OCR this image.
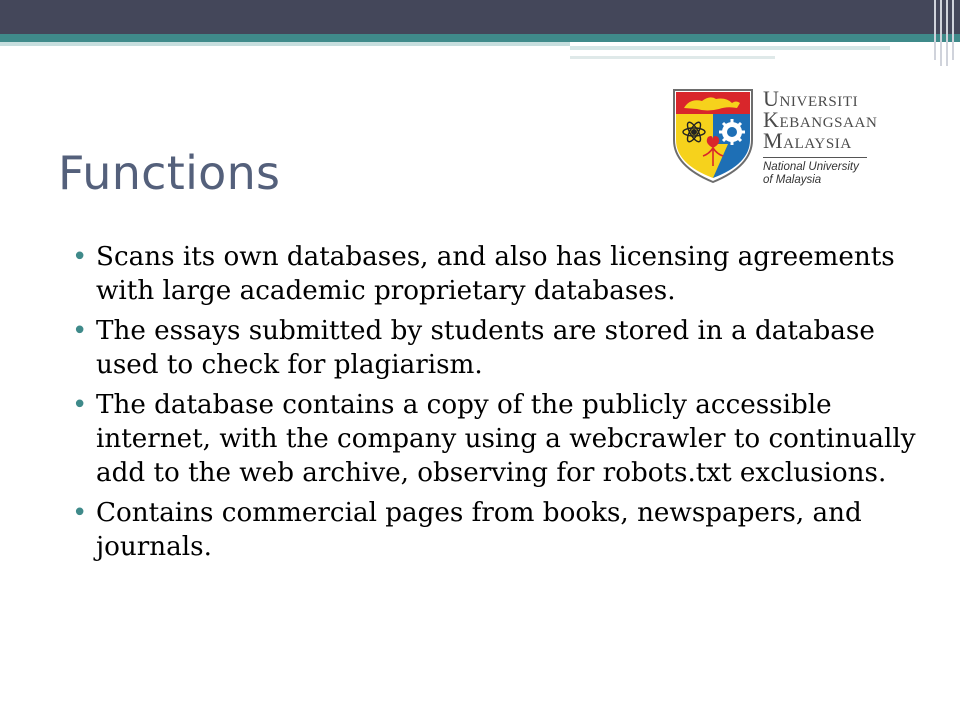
Functions
UNIVERSITI
KEBANGSAAN
MALAYSIA
National University
of Malaysia
• Scans its own databases, and also has licensing agreements with large academic proprietary databases.
• The essays submitted by students are stored in a database used to check for plagiarism.
• The database contains a copy of the publicly accessible internet, with the company using a webcrawler to continually add to the web archive, observing for robots.txt exclusions.
• Contains commercial pages from books, newspapers, and journals.
